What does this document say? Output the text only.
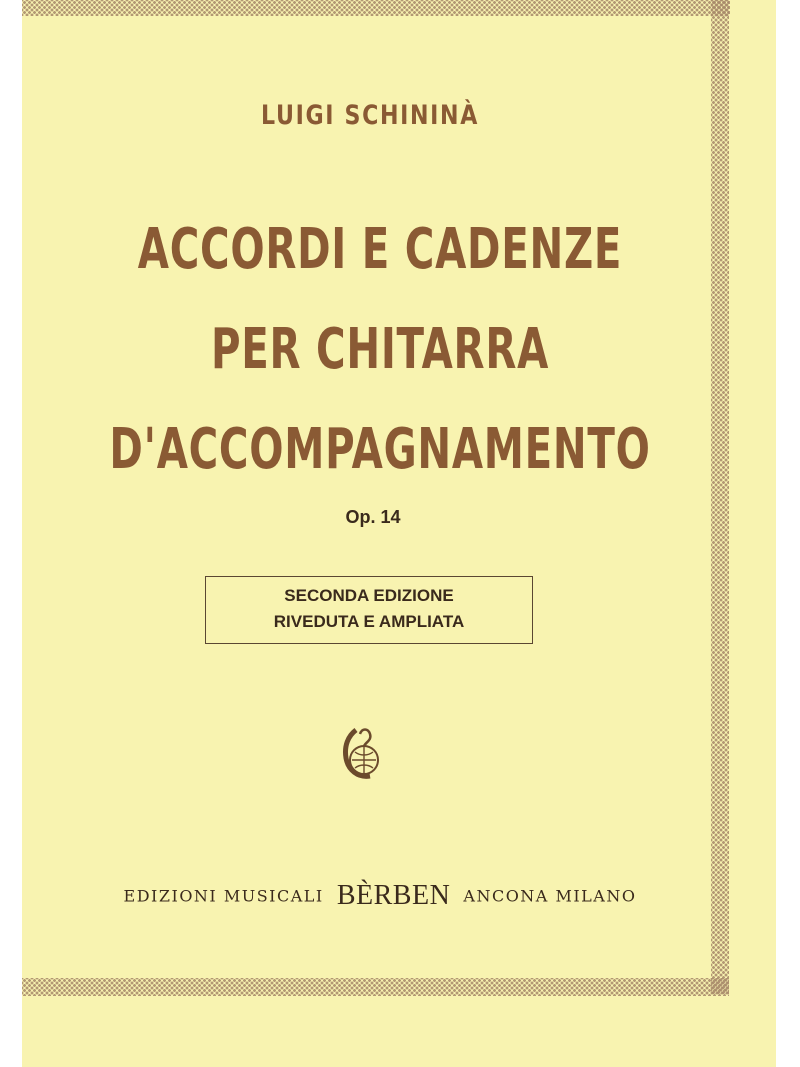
LUIGI SCHININÀ
ACCORDI E CADENZE
PER CHITARRA
D'ACCOMPAGNAMENTO
Op. 14
SECONDA EDIZIONE
RIVEDUTA E AMPLIATA
EDIZIONI MUSICALI BÈRBEN ANCONA MILANO
